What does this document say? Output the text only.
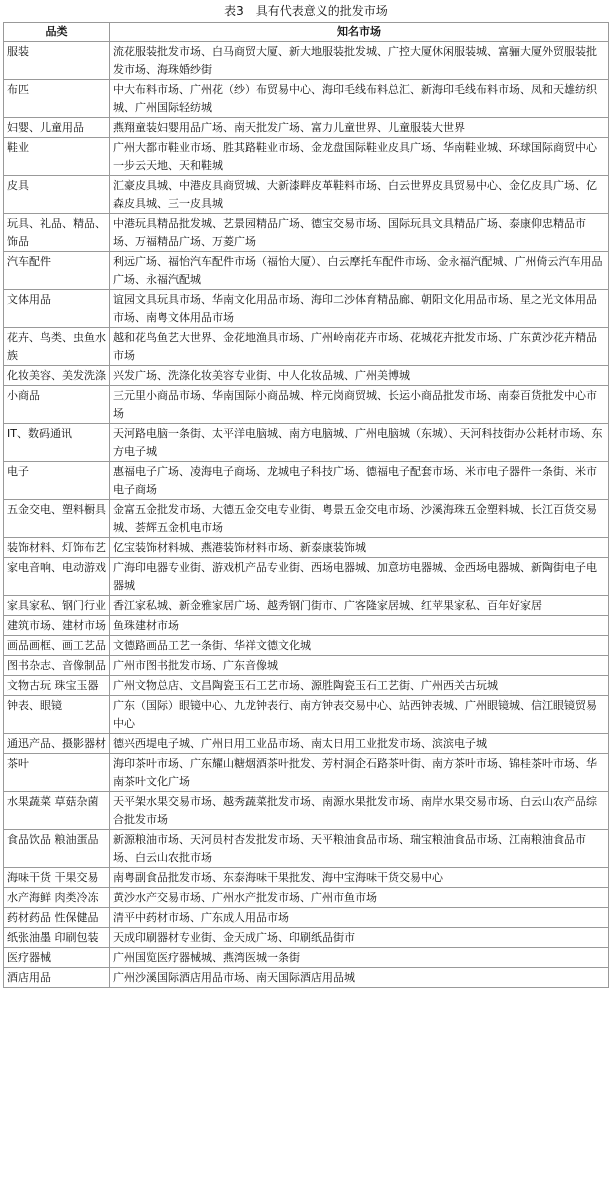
表3　具有代表意义的批发市场
品类	知名市场
服装	流花服装批发市场、白马商贸大厦、新大地服装批发城、广控大厦休闲服装城、富骊大厦外贸服装批发市场、海珠婚纱街
布匹	中大布料市场、广州花（纱）布贸易中心、海印毛线布料总汇、新海印毛线布料市场、凤和天雄纺织城、广州国际轻纺城
妇婴、儿童用品	燕翔童装妇婴用品广场、南天批发广场、富力儿童世界、儿童服装大世界
鞋业	广州大都市鞋业市场、胜其路鞋业市场、金龙盘国际鞋业皮具广场、华南鞋业城、环球国际商贸中心一步云天地、天和鞋城
皮具	汇豪皮具城、中港皮具商贸城、大新漆畔皮革鞋料市场、白云世界皮具贸易中心、金亿皮具广场、亿森皮具城、三一皮具城
玩具、礼品、精品、饰品	中港玩具精品批发城、艺景园精品广场、德宝交易市场、国际玩具文具精品广场、泰康仰忠精品市场、万福精品广场、万菱广场
汽车配件	利远广场、福怡汽车配件市场（福怡大厦）、白云摩托车配件市场、金永福汽配城、广州倚云汽车用品广场、永福汽配城
文体用品	谊园文具玩具市场、华南文化用品市场、海印二沙体育精品廊、朝阳文化用品市场、星之光文体用品市场、南粤文体用品市场
花卉、鸟类、虫鱼水族	越和花鸟鱼艺大世界、金花地渔具市场、广州岭南花卉市场、花城花卉批发市场、广东黄沙花卉精品市场
化妆美容、美发洗涤	兴发广场、洗涤化妆美容专业街、中人化妆品城、广州美博城
小商品	三元里小商品市场、华南国际小商品城、梓元岗商贸城、长运小商品批发市场、南泰百货批发中心市场
IT、数码通讯	天河路电脑一条街、太平洋电脑城、南方电脑城、广州电脑城（东城）、天河科技街办公耗材市场、东方电子城
电子	惠福电子广场、凌海电子商场、龙城电子科技广场、德福电子配套市场、米市电子器件一条街、米市电子商场
五金交电、塑料橱具	金富五金批发市场、大德五金交电专业街、粤景五金交电市场、沙溪海珠五金塑料城、长江百货交易城、荟辉五金机电市场
装饰材料、灯饰布艺	亿宝装饰材料城、燕港装饰材料市场、新泰康装饰城
家电音响、电动游戏	广海印电器专业街、游戏机产品专业街、西场电器城、加意坊电器城、金西场电器城、新陶街电子电器城
家具家私、钢门行业	香江家私城、新金雅家居广场、越秀钢门街市、广客隆家居城、红苹果家私、百年好家居
建筑市场、建材市场	鱼珠建材市场
画品画框、画工艺品	文德路画品工艺一条街、华祥文德文化城
图书杂志、音像制品	广州市图书批发市场、广东音像城
文物古玩 珠宝玉器	广州文物总店、文昌陶瓷玉石工艺市场、源胜陶瓷玉石工艺街、广州西关古玩城
钟表、眼镜	广东（国际）眼镜中心、九龙钟表行、南方钟表交易中心、站西钟表城、广州眼镜城、信江眼镜贸易中心
通迅产品、摄影器材	德兴西堤电子城、广州日用工业品市场、南太日用工业批发市场、滨滨电子城
茶叶	海印茶叶市场、广东耀山糖烟酒茶叶批发、芳村洞企石路茶叶街、南方茶叶市场、锦桂茶叶市场、华南茶叶文化广场
水果蔬菜 草菇杂菌	天平架水果交易市场、越秀蔬菜批发市场、南源水果批发市场、南岸水果交易市场、白云山农产品综合批发市场
食品饮品 粮油蛋品	新源粮油市场、天河员村杏发批发市场、天平粮油食品市场、瑞宝粮油食品市场、江南粮油食品市场、白云山农批市场
海味干货 干果交易	南粤副食品批发市场、东泰海味干果批发、海中宝海味干货交易中心
水产海鲜 肉类冷冻	黄沙水产交易市场、广州水产批发市场、广州市鱼市场
药材药品 性保健品	清平中药材市场、广东成人用品市场
纸张油墨 印刷包装	天成印刷器材专业街、金天成广场、印刷纸品街市
医疗器械	广州国览医疗器械城、燕湾医城一条街
酒店用品	广州沙溪国际酒店用品市场、南天国际酒店用品城
